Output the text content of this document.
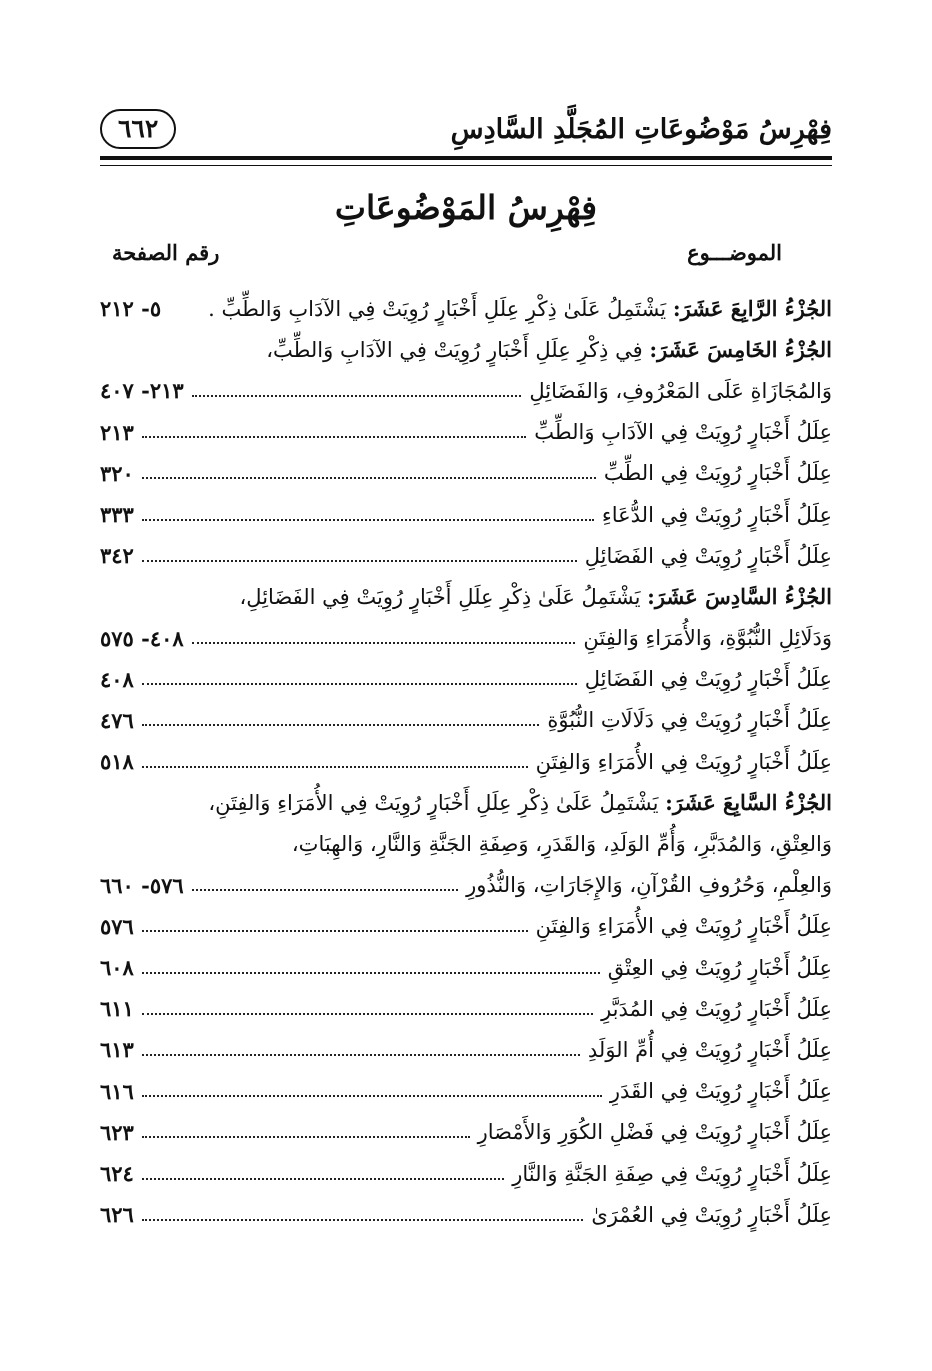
فِهْرِسُ مَوْضُوعَاتِ المُجَلَّدِ السَّادِسِ
٦٦٢
فِهْرِسُ المَوْضُوعَاتِ
الموضـــوع
رقم الصفحة
الجُزْءُ الرَّابِعَ عَشَرَ: يَشْتَمِلُ عَلَىٰ ذِكْرِ عِلَلِ أَخْبَارٍ رُوِيَتْ فِي الآدَابِ وَالطِّبِّ .
٥- ٢١٢
الجُزْءُ الخَامِسَ عَشَرَ: فِي ذِكْرِ عِلَلِ أَخْبَارٍ رُوِيَتْ فِي الآدَابِ وَالطِّبِّ،
وَالمُجَازَاةِ عَلَى المَعْرُوفِ، وَالفَضَائِلِ
٢١٣- ٤٠٧
عِلَلُ أَخْبَارٍ رُوِيَتْ فِي الآدَابِ وَالطِّبِّ
٢١٣
عِلَلُ أَخْبَارٍ رُوِيَتْ فِي الطِّبِّ
٣٢٠
عِلَلُ أَخْبَارٍ رُوِيَتْ فِي الدُّعَاءِ
٣٣٣
عِلَلُ أَخْبَارٍ رُوِيَتْ فِي الفَضَائِلِ
٣٤٢
الجُزْءُ السَّادِسَ عَشَرَ: يَشْتَمِلُ عَلَىٰ ذِكْرِ عِلَلِ أَخْبَارٍ رُوِيَتْ فِي الفَضَائِلِ،
وَدَلَائِلِ النُّبُوَّةِ، وَالأُمَرَاءِ وَالفِتَنِ
٤٠٨- ٥٧٥
عِلَلُ أَخْبَارٍ رُوِيَتْ فِي الفَضَائِلِ
٤٠٨
عِلَلُ أَخْبَارٍ رُوِيَتْ فِي دَلَالَاتِ النُّبُوَّةِ
٤٧٦
عِلَلُ أَخْبَارٍ رُوِيَتْ فِي الأُمَرَاءِ وَالفِتَنِ
٥١٨
الجُزْءُ السَّابِعَ عَشَرَ: يَشْتَمِلُ عَلَىٰ ذِكْرِ عِلَلِ أَخْبَارٍ رُوِيَتْ فِي الأُمَرَاءِ وَالفِتَنِ،
وَالعِتْقِ، وَالمُدَبَّرِ، وَأُمِّ الوَلَدِ، وَالقَدَرِ، وَصِفَةِ الجَنَّةِ وَالنَّارِ، وَالهِبَاتِ،
وَالعِلْمِ، وَحُرُوفِ القُرْآنِ، وَالإِجَارَاتِ، وَالنُّذُورِ
٥٧٦- ٦٦٠
عِلَلُ أَخْبَارٍ رُوِيَتْ فِي الأُمَرَاءِ وَالفِتَنِ
٥٧٦
عِلَلُ أَخْبَارٍ رُوِيَتْ فِي العِتْقِ
٦٠٨
عِلَلُ أَخْبَارٍ رُوِيَتْ فِي المُدَبَّرِ
٦١١
عِلَلُ أَخْبَارٍ رُوِيَتْ فِي أُمِّ الوَلَدِ
٦١٣
عِلَلُ أَخْبَارٍ رُوِيَتْ فِي القَدَرِ
٦١٦
عِلَلُ أَخْبَارٍ رُوِيَتْ فِي فَضْلِ الكُوَرِ وَالأَمْصَارِ
٦٢٣
عِلَلُ أَخْبَارٍ رُوِيَتْ فِي صِفَةِ الجَنَّةِ وَالنَّارِ
٦٢٤
عِلَلُ أَخْبَارٍ رُوِيَتْ فِي العُمْرَىٰ
٦٢٦
